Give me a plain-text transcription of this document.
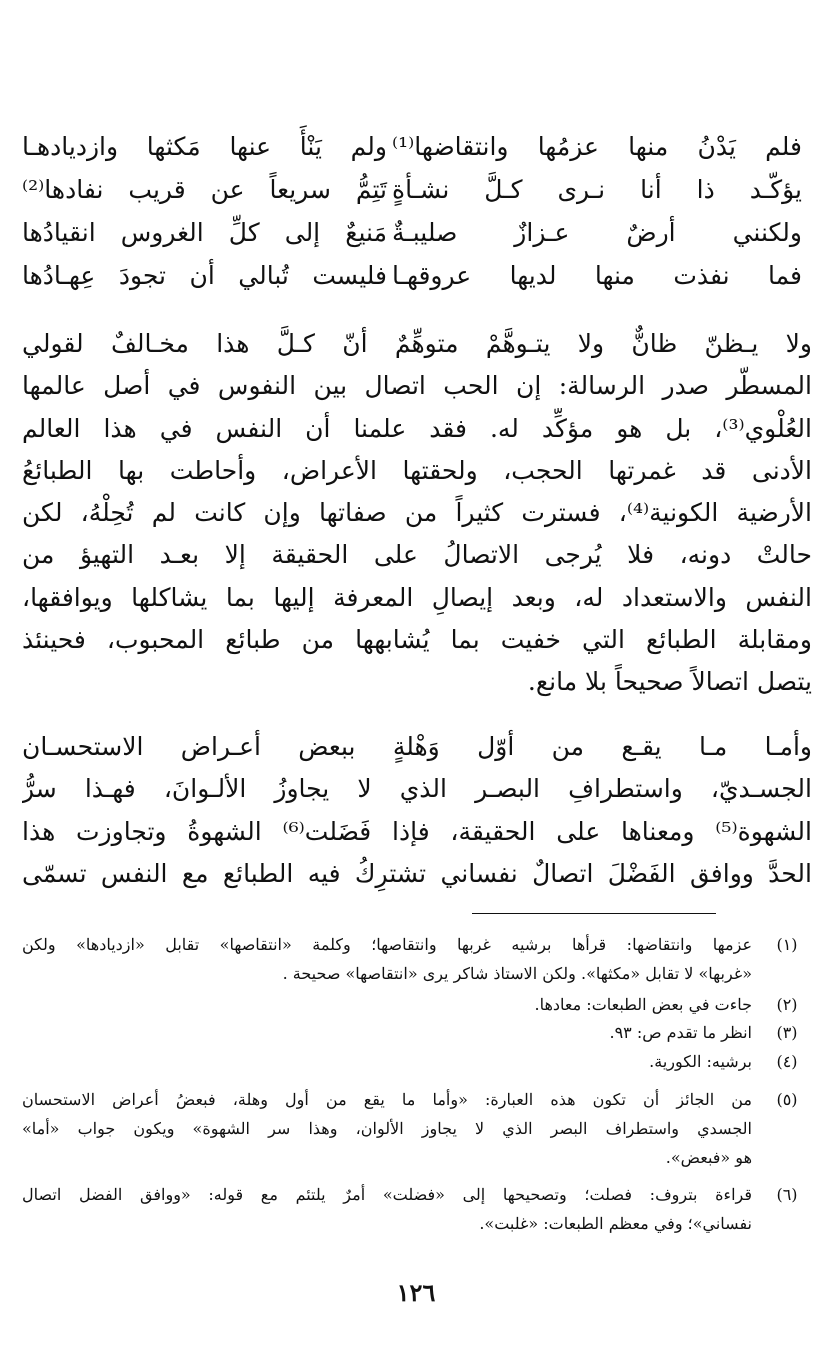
فلم يَدْنُ منها عزمُها وانتقاضها⁽¹⁾
ولم يَنْأَ عنها مَكثها وازديادهـا
يؤكّـد ذا أنا نـرى كـلَّ نشـأةٍ
تَتِمُّ سريعاً عن قريب نفادها⁽²⁾
ولكنني أرضٌ عـزازٌ صليبـةٌ
مَنيعٌ إلى كلِّ الغروس انقيادُها
فما نفذت منها لديها عروقهـا
فليست تُبالي أن تجودَ عِهـادُها
ولا يـظنّ ظانٌّ ولا يتـوهَّمْ متوهِّمٌ أنّ كـلَّ هذا مخـالفٌ لقولي
المسطّر صدر الرسالة: إن الحب اتصال بين النفوس في أصل عالمها
العُلْوي⁽³⁾، بل هو مؤكِّد له. فقد علمنا أن النفس في هذا العالم
الأدنى قد غمرتها الحجب، ولحقتها الأعراض، وأحاطت بها الطبائعُ
الأرضية الكونية⁽⁴⁾، فسترت كثيراً من صفاتها وإن كانت لم تُحِلْهُ، لكن
حالتْ دونه، فلا يُرجى الاتصالُ على الحقيقة إلا بعـد التهيؤ من
النفس والاستعداد له، وبعد إيصالِ المعرفة إليها بما يشاكلها ويوافقها،
ومقابلة الطبائع التي خفيت بما يُشابهها من طبائع المحبوب، فحينئذ
يتصل اتصالاً صحيحاً بلا مانع.
وأمـا مـا يقـع من أوّل وَهْلةٍ ببعض أعـراض الاستحسـان
الجسـديّ، واستطرافِ البصـر الذي لا يجاوزُ الألـوانَ، فهـذا سرُّ
الشهوة⁽⁵⁾ ومعناها على الحقيقة، فإذا فَضَلت⁽⁶⁾ الشهوةُ وتجاوزت هذا
الحدَّ ووافق الفَضْلَ اتصالٌ نفساني تشترِكُ فيه الطبائع مع النفس تسمّى
(١)
عزمها وانتقاضها: قرأها برشيه غربها وانتقاصها؛ وكلمة «انتقاصها» تقابل «ازديادها» ولكن
«غربها» لا تقابل «مكثها». ولكن الاستاذ شاكر يرى «انتقاصها» صحيحة .
(٢)
جاءت في بعض الطبعات: معادها.
(٣)
انظر ما تقدم ص: ٩٣.
(٤)
برشيه: الكورية.
(٥)
من الجائز أن تكون هذه العبارة: «وأما ما يقع من أول وهلة، فبعضُ أعراض الاستحسان
الجسدي واستطراف البصر الذي لا يجاوز الألوان، وهذا سر الشهوة» ويكون جواب «أما»
هو «فبعض».
(٦)
قراءة بتروف: فصلت؛ وتصحيحها إلى «فضلت» أمرٌ يلتئم مع قوله: «ووافق الفضل اتصال
نفساني»؛ وفي معظم الطبعات: «غلبت».
١٢٦
